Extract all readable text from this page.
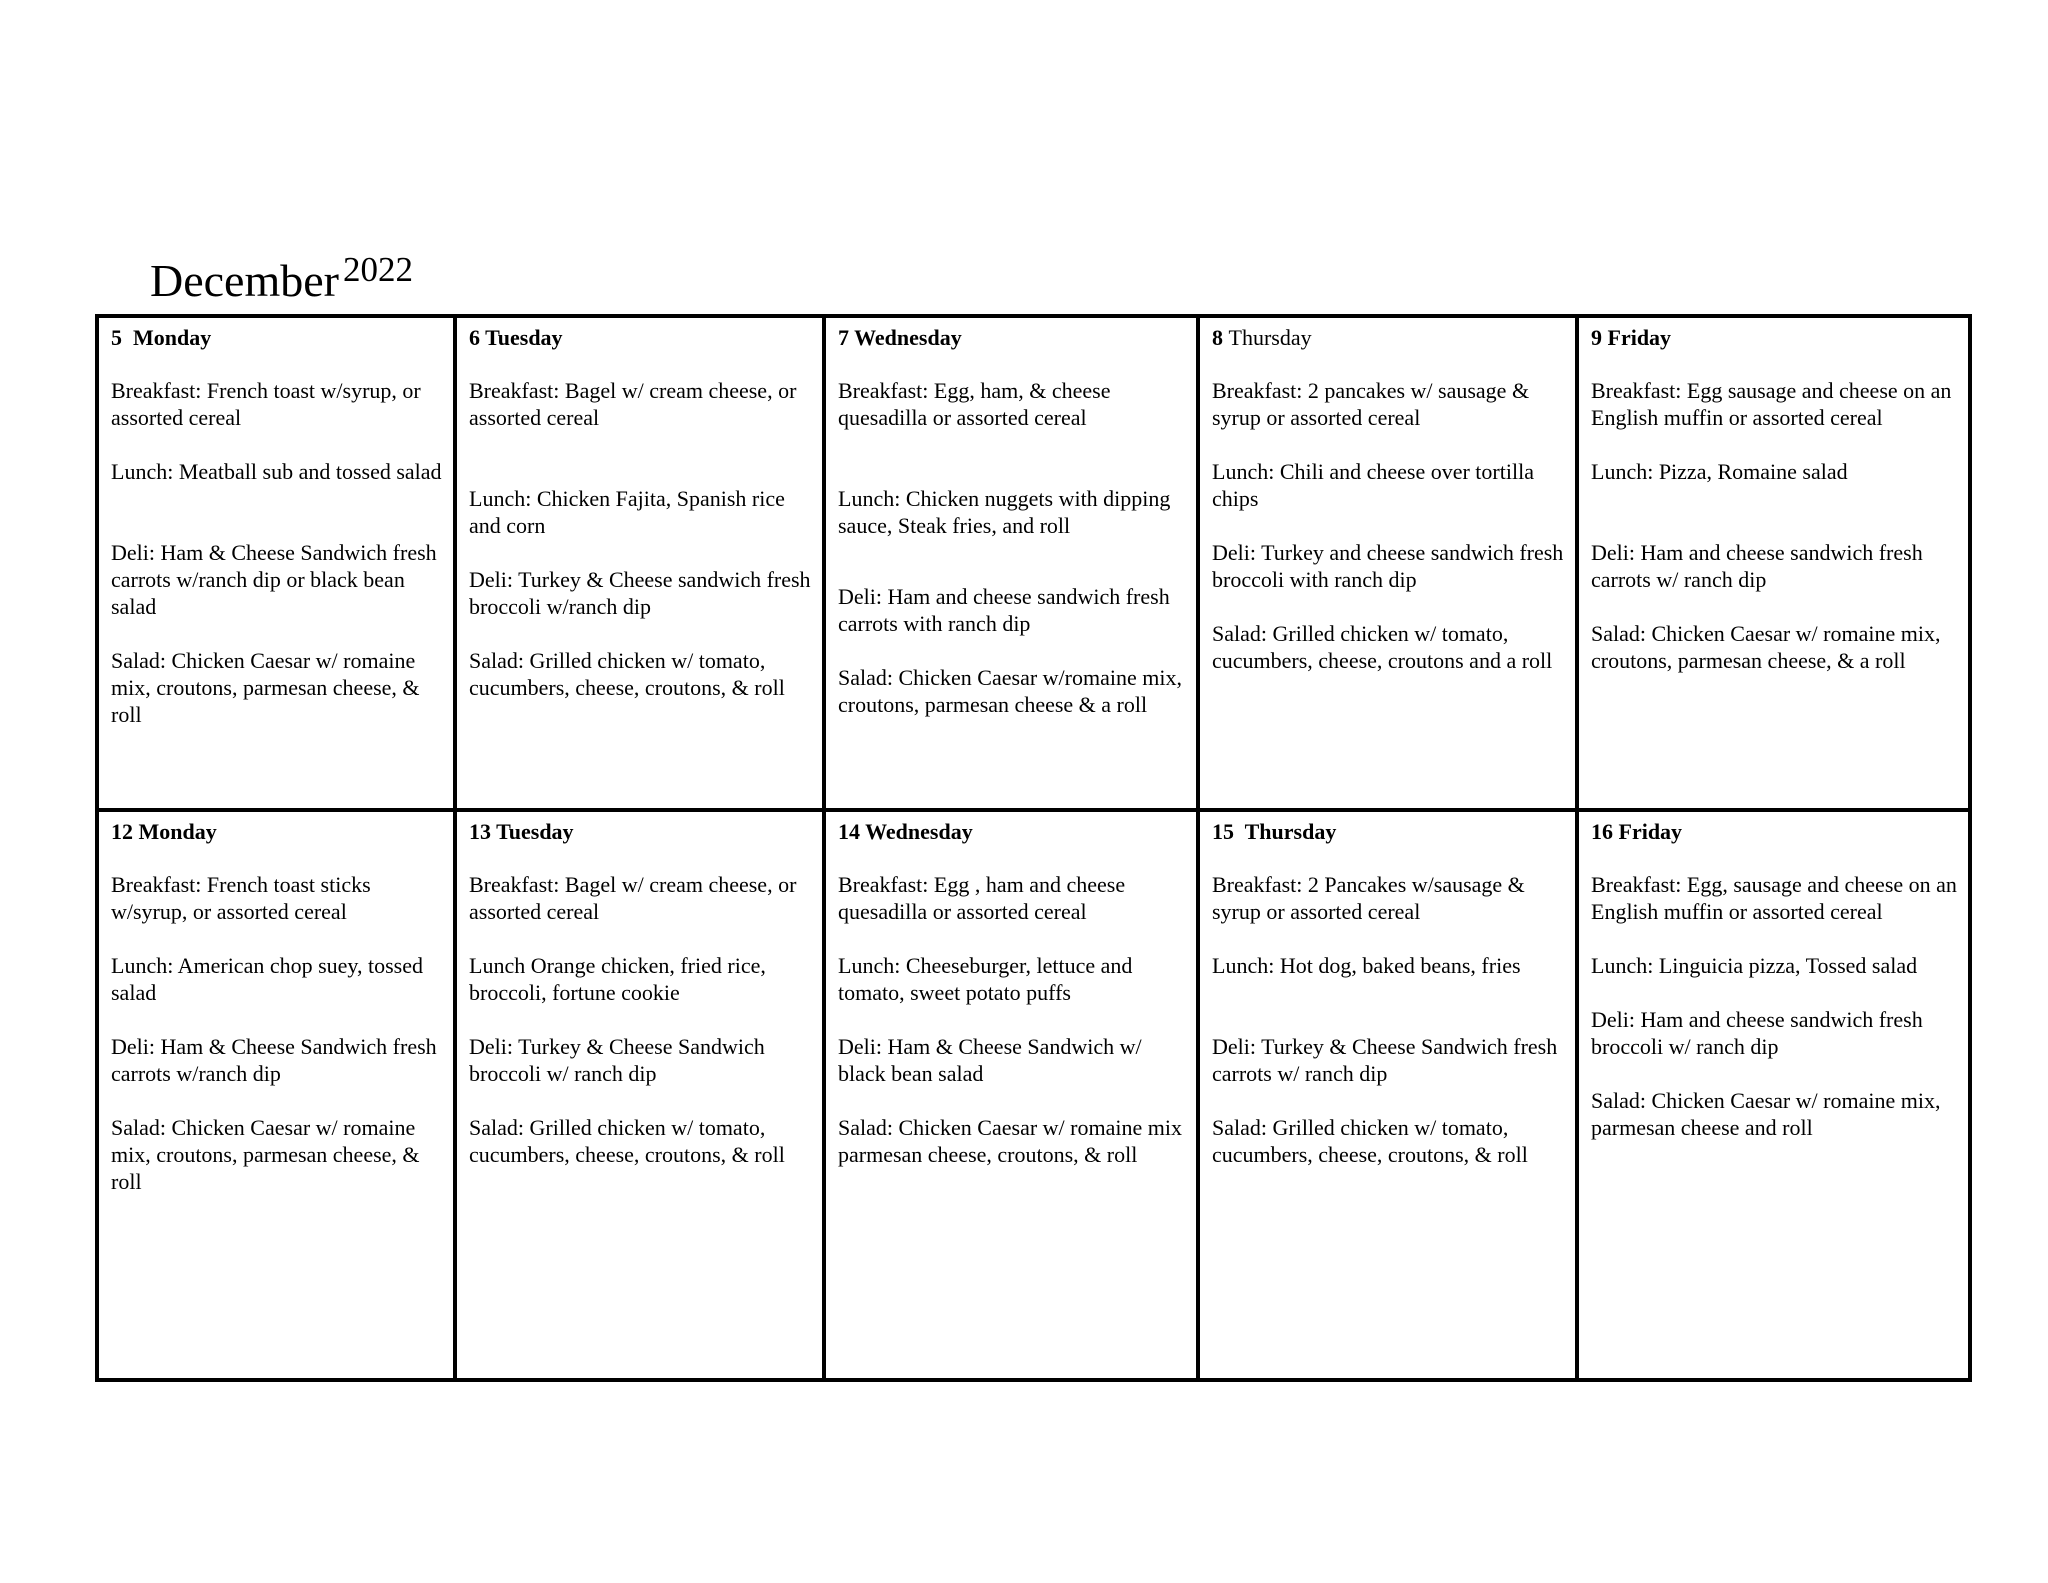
December $^{2022}$
5 Monday
Breakfast: French toast w/syrup, or assorted cereal
Lunch: Meatball sub and tossed salad
Deli: Ham & Cheese Sandwich fresh carrots w/ranch dip or black bean salad
Salad: Chicken Caesar w/ romaine mix, croutons, parmesan cheese, & roll
6 Tuesday
Breakfast: Bagel w/ cream cheese, or assorted cereal
Lunch: Chicken Fajita, Spanish rice and corn
Deli: Turkey & Cheese sandwich fresh broccoli w/ranch dip
Salad: Grilled chicken w/ tomato, cucumbers, cheese, croutons, & roll
7 Wednesday
Breakfast: Egg, ham, & cheese quesadilla or assorted cereal
Lunch: Chicken nuggets with dipping sauce, Steak fries, and roll
Deli: Ham and cheese sandwich fresh carrots with ranch dip
Salad: Chicken Caesar w/romaine mix, croutons, parmesan cheese & a roll
8 Thursday
Breakfast: 2 pancakes w/ sausage & syrup or assorted cereal
Lunch: Chili and cheese over tortilla chips
Deli: Turkey and cheese sandwich fresh broccoli with ranch dip
Salad: Grilled chicken w/ tomato, cucumbers, cheese, croutons and a roll
9 Friday
Breakfast: Egg sausage and cheese on an English muffin or assorted cereal
Lunch: Pizza, Romaine salad
Deli: Ham and cheese sandwich fresh carrots w/ ranch dip
Salad: Chicken Caesar w/ romaine mix, croutons, parmesan cheese, & a roll
12 Monday
Breakfast: French toast sticks w/syrup, or assorted cereal
Lunch: American chop suey, tossed salad
Deli: Ham & Cheese Sandwich fresh carrots w/ranch dip
Salad: Chicken Caesar w/ romaine mix, croutons, parmesan cheese, & roll
13 Tuesday
Breakfast: Bagel w/ cream cheese, or assorted cereal
Lunch Orange chicken, fried rice, broccoli, fortune cookie
Deli: Turkey & Cheese Sandwich broccoli w/ ranch dip
Salad: Grilled chicken w/ tomato, cucumbers, cheese, croutons, & roll
14 Wednesday
Breakfast: Egg , ham and cheese quesadilla or assorted cereal
Lunch: Cheeseburger, lettuce and tomato, sweet potato puffs
Deli: Ham & Cheese Sandwich w/ black bean salad
Salad: Chicken Caesar w/ romaine mix parmesan cheese, croutons, & roll
15 Thursday
Breakfast: 2 Pancakes w/sausage & syrup or assorted cereal
Lunch: Hot dog, baked beans, fries
Deli: Turkey & Cheese Sandwich fresh carrots w/ ranch dip
Salad: Grilled chicken w/ tomato, cucumbers, cheese, croutons, & roll
16 Friday
Breakfast: Egg, sausage and cheese on an English muffin or assorted cereal
Lunch: Linguicia pizza, Tossed salad
Deli: Ham and cheese sandwich fresh broccoli w/ ranch dip
Salad: Chicken Caesar w/ romaine mix, parmesan cheese and roll
